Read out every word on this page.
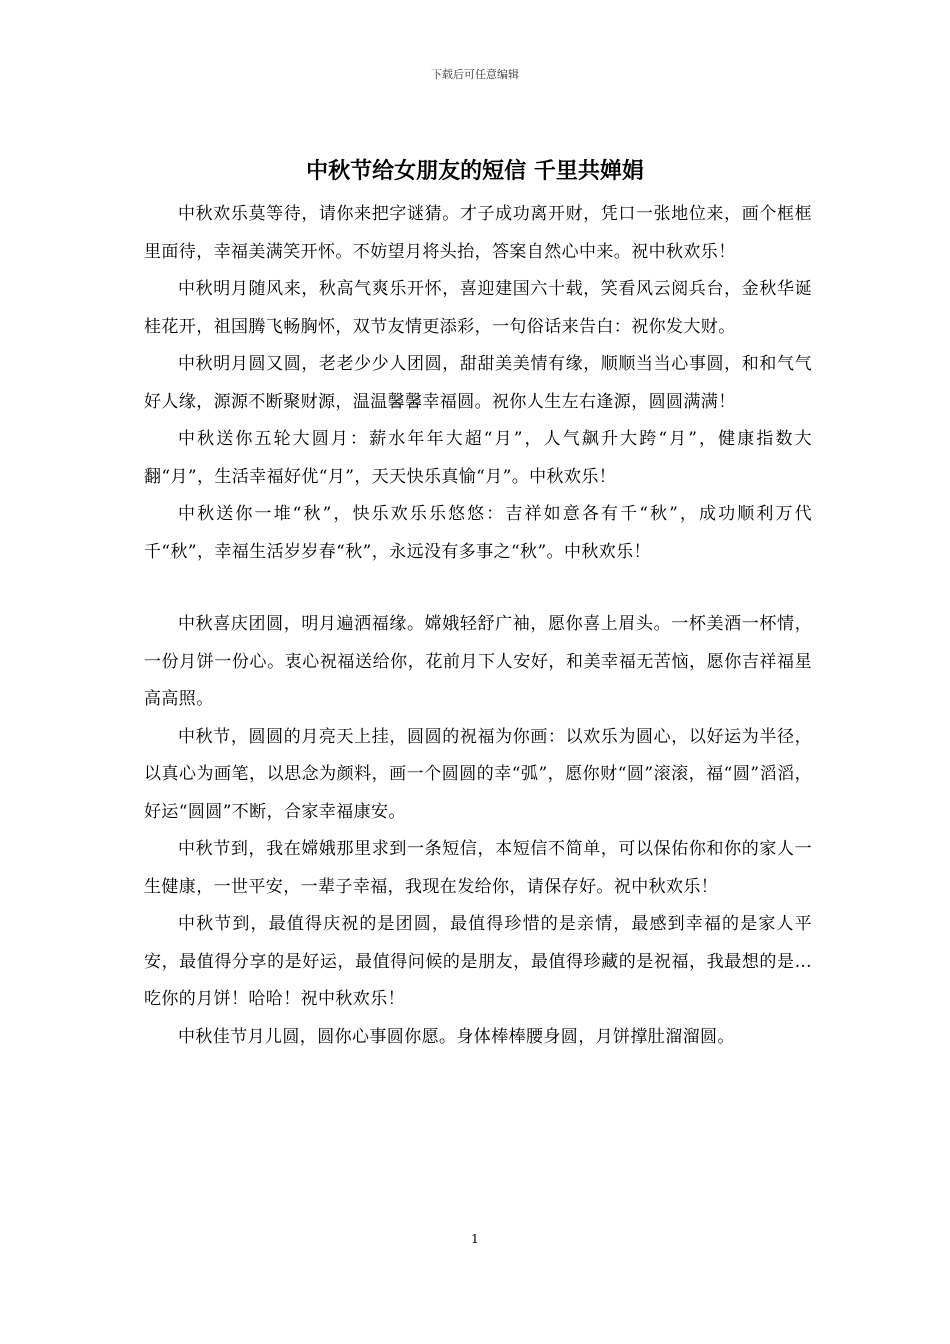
下载后可任意编辑
中秋节给女朋友的短信 千里共婵娟

中秋欢乐莫等待，请你来把字谜猜。才子成功离开财，凭口一张地位来，画个框框里面待，幸福美满笑开怀。不妨望月将头抬，答案自然心中来。祝中秋欢乐！

中秋明月随风来，秋高气爽乐开怀，喜迎建国六十载，笑看风云阅兵台，金秋华诞桂花开，祖国腾飞畅胸怀，双节友情更添彩，一句俗话来告白：祝你发大财。

中秋明月圆又圆，老老少少人团圆，甜甜美美情有缘，顺顺当当心事圆，和和气气好人缘，源源不断聚财源，温温馨馨幸福圆。祝你人生左右逢源，圆圆满满！

中秋送你五轮大圆月：薪水年年大超“月”，人气飙升大跨“月”，健康指数大翻“月”，生活幸福好优“月”，天天快乐真愉“月”。中秋欢乐！

中秋送你一堆“秋”，快乐欢乐乐悠悠：吉祥如意各有千“秋”，成功顺利万代千“秋”，幸福生活岁岁春“秋”，永远没有多事之“秋”。中秋欢乐！

中秋喜庆团圆，明月遍洒福缘。嫦娥轻舒广袖，愿你喜上眉头。一杯美酒一杯情，一份月饼一份心。衷心祝福送给你，花前月下人安好，和美幸福无苦恼，愿你吉祥福星高高照。

中秋节，圆圆的月亮天上挂，圆圆的祝福为你画：以欢乐为圆心，以好运为半径，以真心为画笔，以思念为颜料，画一个圆圆的幸“弧”，愿你财“圆”滚滚，福“圆”滔滔，好运“圆圆”不断，合家幸福康安。

中秋节到，我在嫦娥那里求到一条短信，本短信不简单，可以保佑你和你的家人一生健康，一世平安，一辈子幸福，我现在发给你，请保存好。祝中秋欢乐！

中秋节到，最值得庆祝的是团圆，最值得珍惜的是亲情，最感到幸福的是家人平安，最值得分享的是好运，最值得问候的是朋友，最值得珍藏的是祝福，我最想的是…吃你的月饼！哈哈！祝中秋欢乐！

中秋佳节月儿圆，圆你心事圆你愿。身体棒棒腰身圆，月饼撑肚溜溜圆。

1
